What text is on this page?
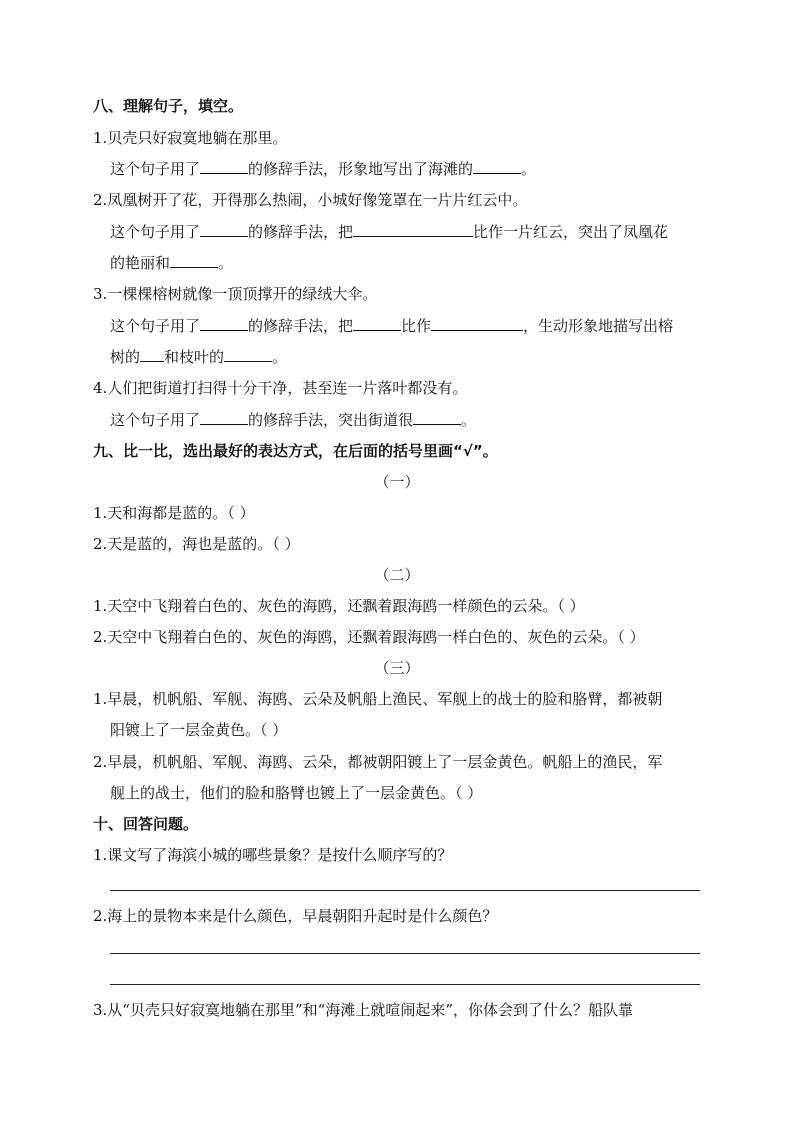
八、理解句子，填空。
1.贝壳只好寂寞地躺在那里。
这个句子用了	的修辞手法，形象地写出了海滩的	。
2.凤凰树开了花，开得那么热闹，小城好像笼罩在一片片红云中。
这个句子用了	的修辞手法，把	比作一片红云，突出了凤凰花
的艳丽和	。
3.一棵棵榕树就像一顶顶撑开的绿绒大伞。
这个句子用了	的修辞手法，把	比作	，生动形象地描写出榕
树的 和枝叶的	。
4.人们把街道打扫得十分干净，甚至连一片落叶都没有。
这个句子用了	的修辞手法，突出街道很	。
九、比一比，选出最好的表达方式，在后面的括号里画“√”。
（一）
1.天和海都是蓝的。（ ）
2.天是蓝的，海也是蓝的。（ ）
（二）
1.天空中飞翔着白色的、灰色的海鸥，还飘着跟海鸥一样颜色的云朵。（ ）
2.天空中飞翔着白色的、灰色的海鸥，还飘着跟海鸥一样白色的、灰色的云朵。（ ）
（三）
1.早晨，机帆船、军舰、海鸥、云朵及帆船上渔民、军舰上的战士的脸和胳臂，都被朝
阳镀上了一层金黄色。（ ）
2.早晨，机帆船、军舰、海鸥、云朵，都被朝阳镀上了一层金黄色。帆船上的渔民，军
舰上的战士，他们的脸和胳臂也镀上了一层金黄色。（ ）
十、回答问题。
1.课文写了海滨小城的哪些景象？是按什么顺序写的？
2.海上的景物本来是什么颜色，早晨朝阳升起时是什么颜色？
3.从“贝壳只好寂寞地躺在那里”和“海滩上就喧闹起来”，你体会到了什么？船队靠
